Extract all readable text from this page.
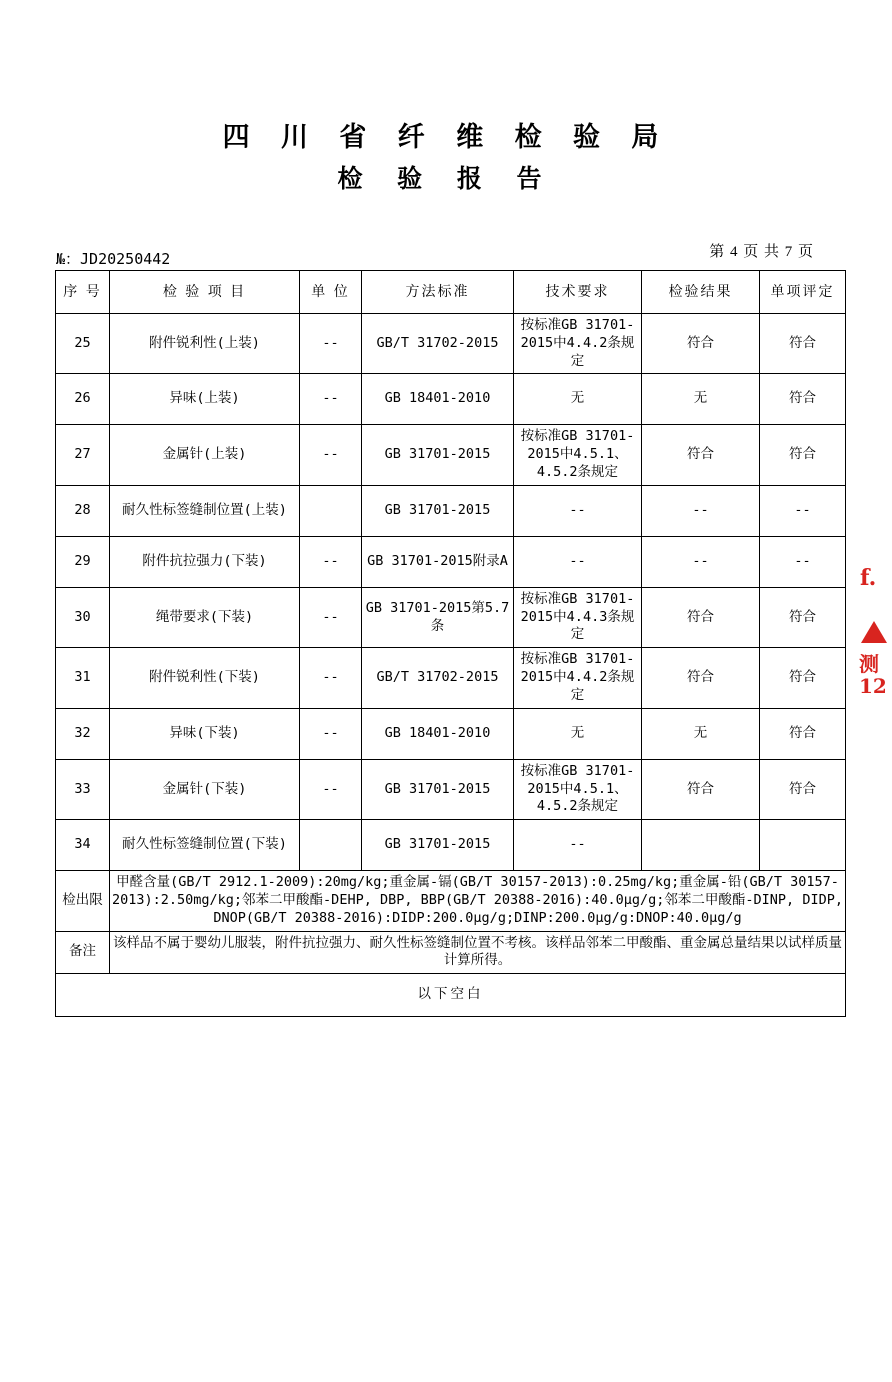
四 川 省 纤 维 检 验 局
检 验 报 告
№：JD20250442	第 4 页 共 7 页
序 号	检 验 项 目	单 位	方法标准	技术要求	检验结果	单项评定
25	附件锐利性(上装)	--	GB/T 31702-2015	按标准GB 31701-2015中4.4.2条规定	符合	符合
26	异味(上装)	--	GB 18401-2010	无	无	符合
27	金属针(上装)	--	GB 31701-2015	按标准GB 31701-2015中4.5.1、4.5.2条规定	符合	符合
28	耐久性标签缝制位置(上装)		GB 31701-2015	--	--	--
29	附件抗拉强力(下装)	--	GB 31701-2015附录A	--	--	--
30	绳带要求(下装)	--	GB 31701-2015第5.7条	按标准GB 31701-2015中4.4.3条规定	符合	符合
31	附件锐利性(下装)	--	GB/T 31702-2015	按标准GB 31701-2015中4.4.2条规定	符合	符合
32	异味(下装)	--	GB 18401-2010	无	无	符合
33	金属针(下装)	--	GB 31701-2015	按标准GB 31701-2015中4.5.1、4.5.2条规定	符合	符合
34	耐久性标签缝制位置(下装)		GB 31701-2015	--		
检出限	甲醛含量(GB/T 2912.1-2009):20mg/kg;重金属-镉(GB/T 30157-2013):0.25mg/kg;重金属-铅(GB/T 30157-2013):2.50mg/kg;邻苯二甲酸酯-DEHP, DBP, BBP(GB/T 20388-2016):40.0μg/g;邻苯二甲酸酯-DINP, DIDP, DNOP(GB/T 20388-2016):DIDP:200.0μg/g;DINP:200.0μg/g:DNOP:40.0μg/g					
备注	该样品不属于婴幼儿服装，附件抗拉强力、耐久性标签缝制位置不考核。该样品邻苯二甲酸酯、重金属总量结果以试样质量计算所得。					
以下空白						
f.
测12
